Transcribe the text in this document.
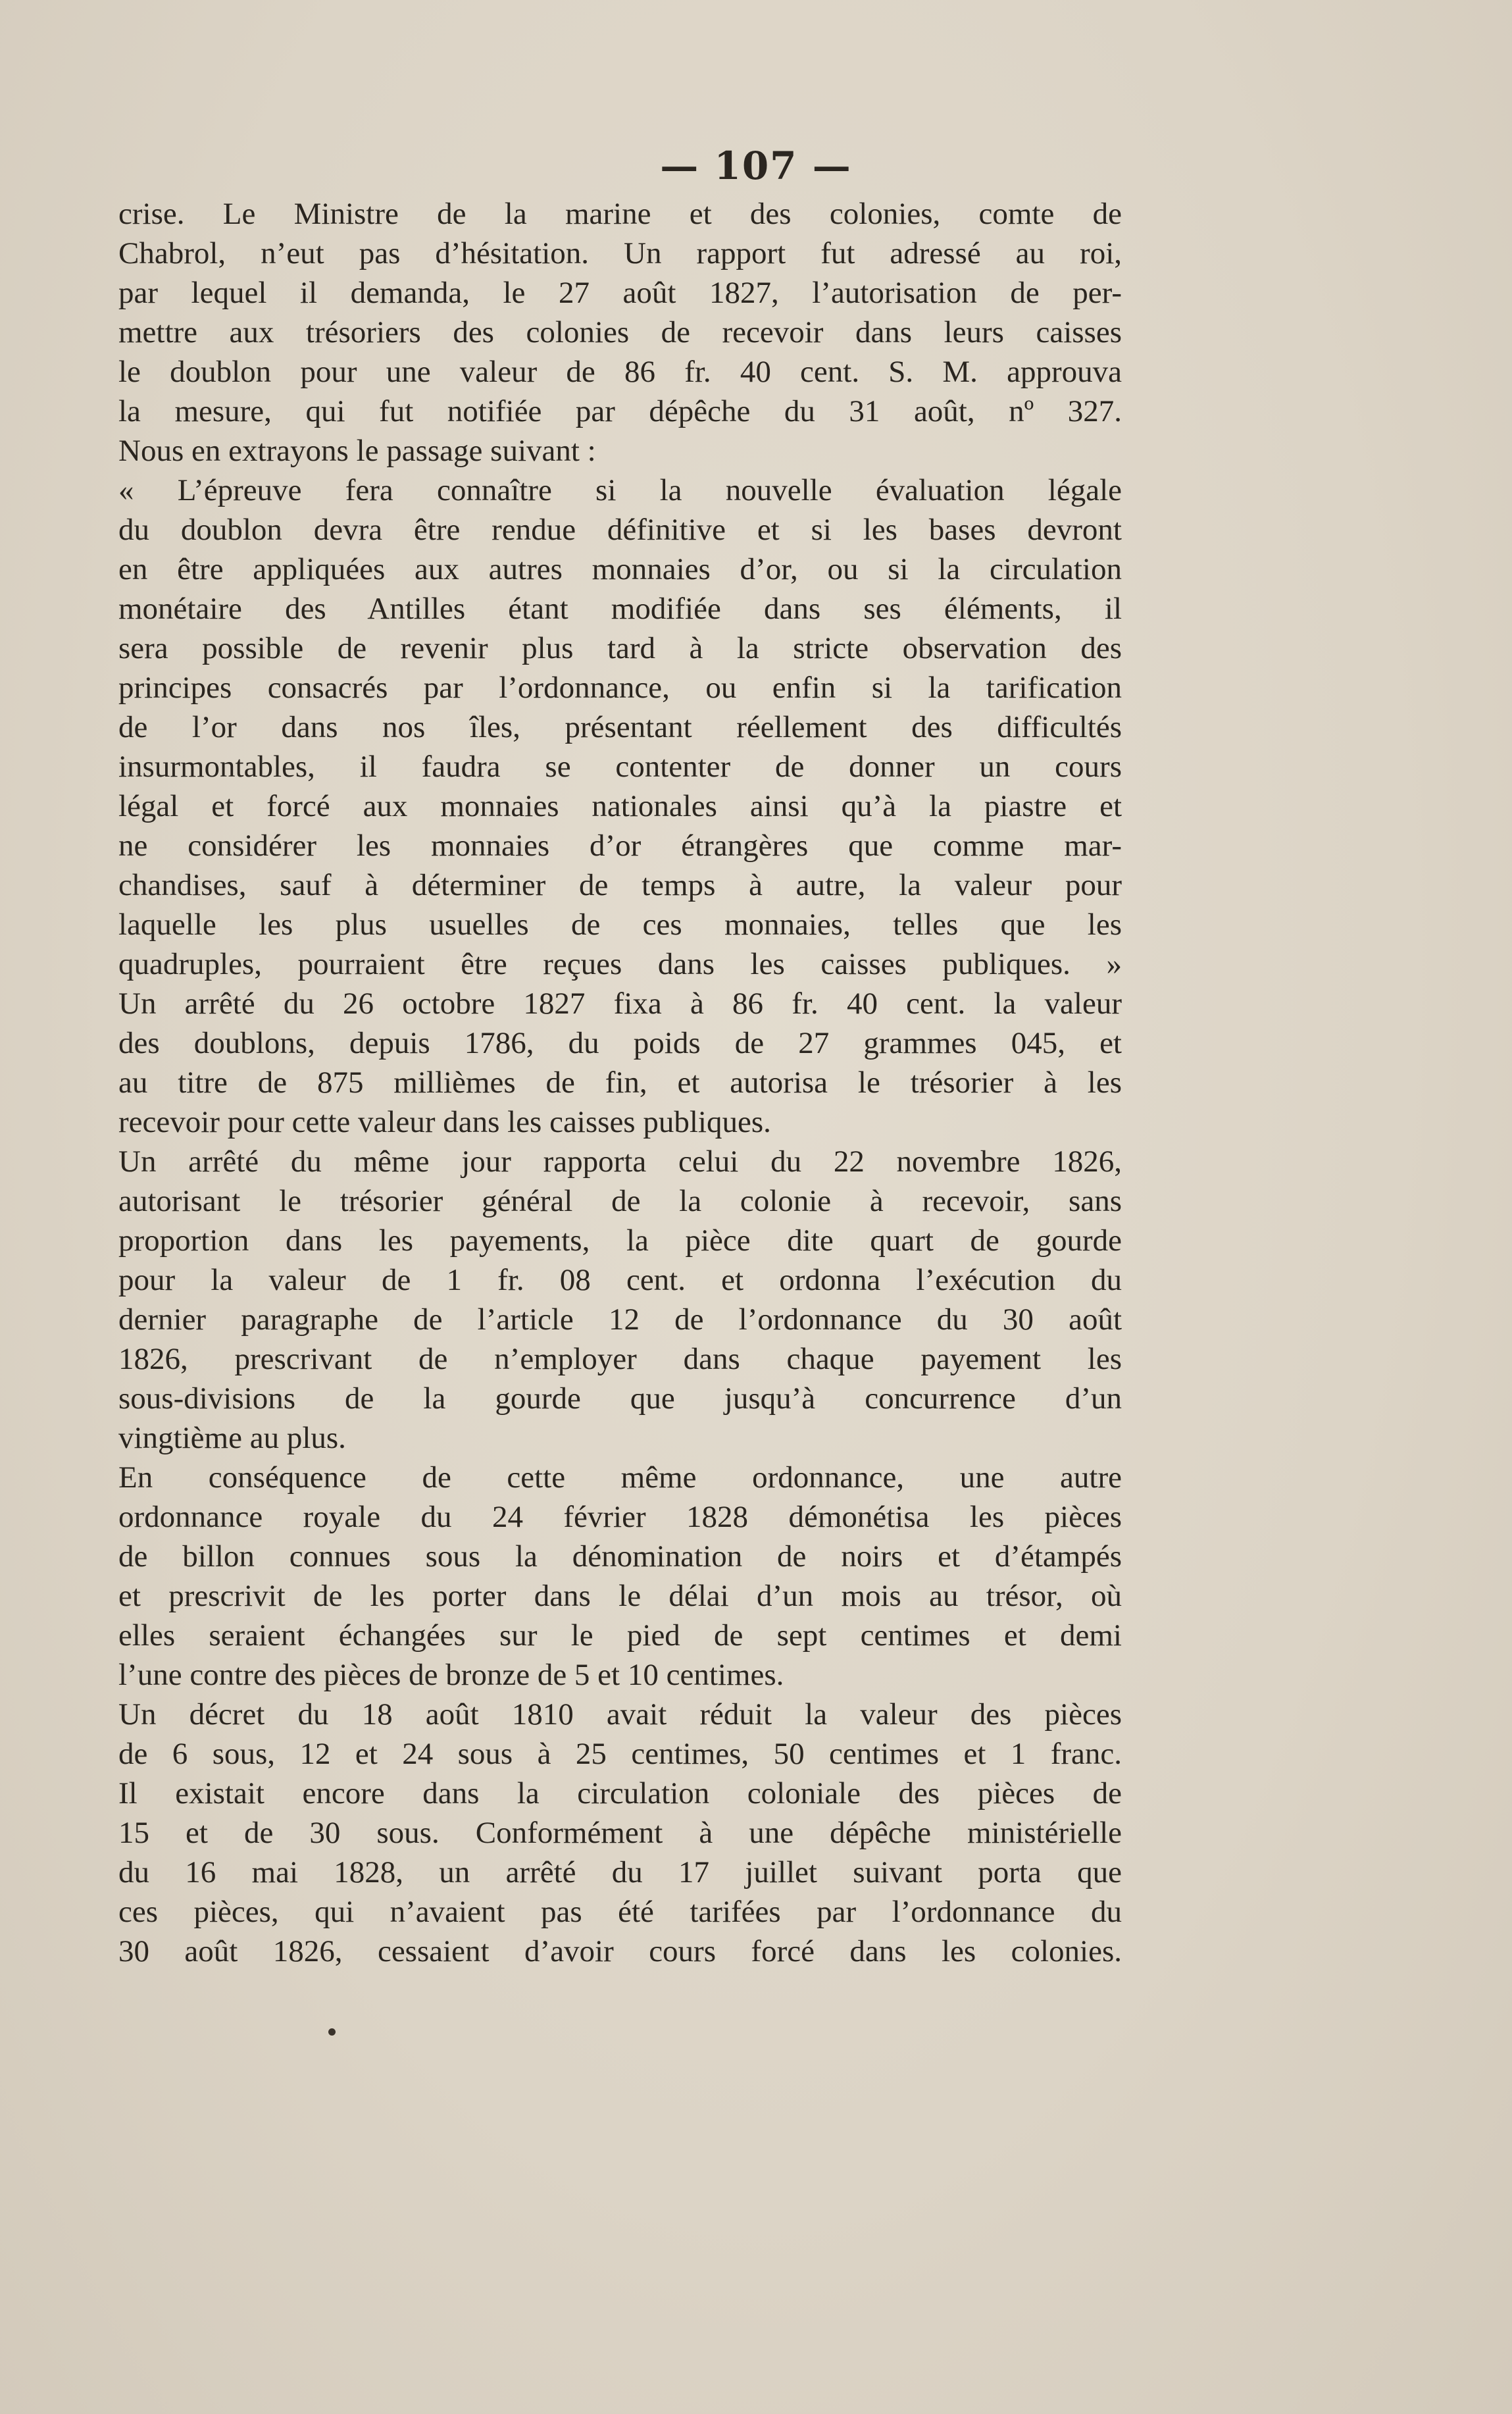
— 107 —
crise. Le Ministre de la marine et des colonies, comte de
Chabrol, n’eut pas d’hésitation. Un rapport fut adressé au roi,
par lequel il demanda, le 27 août 1827, l’autorisation de per-
mettre aux trésoriers des colonies de recevoir dans leurs caisses
le doublon pour une valeur de 86 fr. 40 cent. S. M. approuva
la mesure, qui fut notifiée par dépêche du 31 août, nº 327.
Nous en extrayons le passage suivant :
« L’épreuve fera connaître si la nouvelle évaluation légale
du doublon devra être rendue définitive et si les bases devront
en être appliquées aux autres monnaies d’or, ou si la circulation
monétaire des Antilles étant modifiée dans ses éléments, il
sera possible de revenir plus tard à la stricte observation des
principes consacrés par l’ordonnance, ou enfin si la tarification
de l’or dans nos îles, présentant réellement des difficultés
insurmontables, il faudra se contenter de donner un cours
légal et forcé aux monnaies nationales ainsi qu’à la piastre et
ne considérer les monnaies d’or étrangères que comme mar-
chandises, sauf à déterminer de temps à autre, la valeur pour
laquelle les plus usuelles de ces monnaies, telles que les
quadruples, pourraient être reçues dans les caisses publiques. »
Un arrêté du 26 octobre 1827 fixa à 86 fr. 40 cent. la valeur
des doublons, depuis 1786, du poids de 27 grammes 045, et
au titre de 875 millièmes de fin, et autorisa le trésorier à les
recevoir pour cette valeur dans les caisses publiques.
Un arrêté du même jour rapporta celui du 22 novembre 1826,
autorisant le trésorier général de la colonie à recevoir, sans
proportion dans les payements, la pièce dite quart de gourde
pour la valeur de 1 fr. 08 cent. et ordonna l’exécution du
dernier paragraphe de l’article 12 de l’ordonnance du 30 août
1826, prescrivant de n’employer dans chaque payement les
sous-divisions de la gourde que jusqu’à concurrence d’un
vingtième au plus.
En conséquence de cette même ordonnance, une autre
ordonnance royale du 24 février 1828 démonétisa les pièces
de billon connues sous la dénomination de noirs et d’étampés
et prescrivit de les porter dans le délai d’un mois au trésor, où
elles seraient échangées sur le pied de sept centimes et demi
l’une contre des pièces de bronze de 5 et 10 centimes.
Un décret du 18 août 1810 avait réduit la valeur des pièces
de 6 sous, 12 et 24 sous à 25 centimes, 50 centimes et 1 franc.
Il existait encore dans la circulation coloniale des pièces de
15 et de 30 sous. Conformément à une dépêche ministérielle
du 16 mai 1828, un arrêté du 17 juillet suivant porta que
ces pièces, qui n’avaient pas été tarifées par l’ordonnance du
30 août 1826, cessaient d’avoir cours forcé dans les colonies.
